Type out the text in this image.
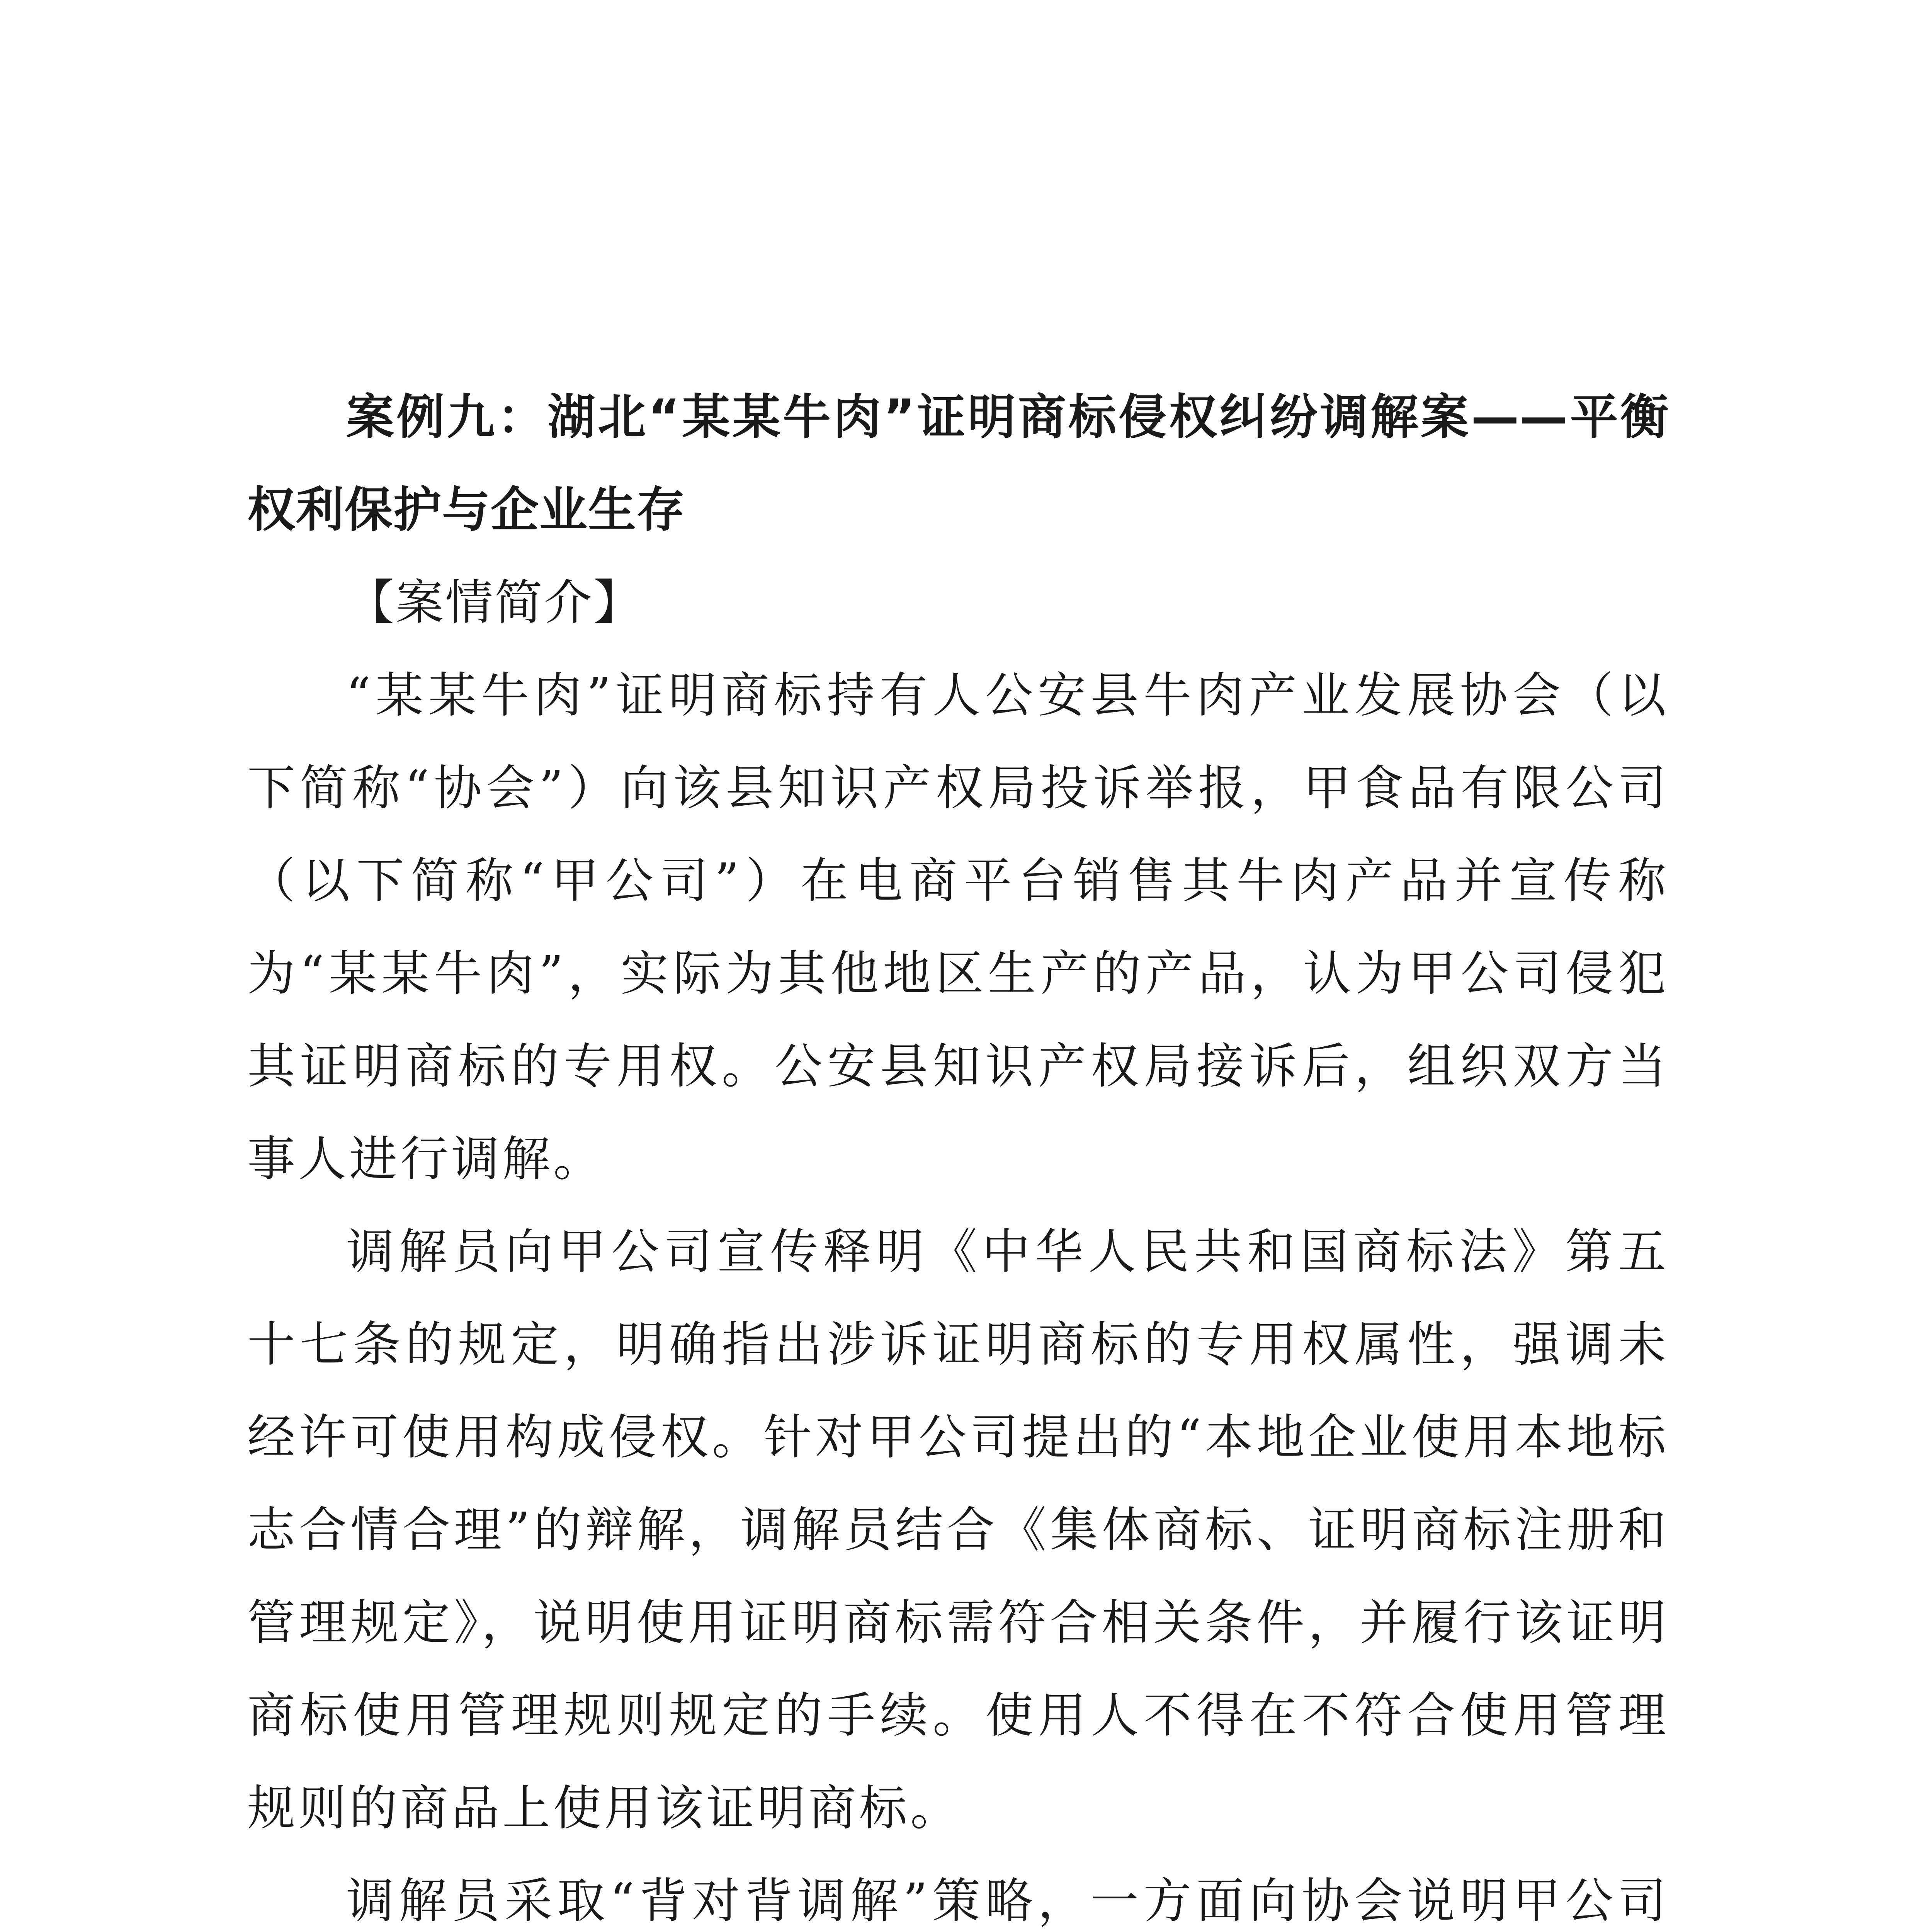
案例九：湖北“某某牛肉”证明商标侵权纠纷调解案——平衡权利保护与企业生存

【案情简介】

“某某牛肉”证明商标持有人公安县牛肉产业发展协会（以下简称“协会”）向该县知识产权局投诉举报，甲食品有限公司（以下简称“甲公司”）在电商平台销售其牛肉产品并宣传称为“某某牛肉”，实际为其他地区生产的产品，认为甲公司侵犯其证明商标的专用权。公安县知识产权局接诉后，组织双方当事人进行调解。

调解员向甲公司宣传释明《中华人民共和国商标法》第五十七条的规定，明确指出涉诉证明商标的专用权属性，强调未经许可使用构成侵权。针对甲公司提出的“本地企业使用本地标志合情合理”的辩解，调解员结合《集体商标、证明商标注册和管理规定》，说明使用证明商标需符合相关条件，并履行该证明商标使用管理规则规定的手续。使用人不得在不符合使用管理规则的商品上使用该证明商标。

调解员采取“背对背调解”策略，一方面向协会说明甲公司
